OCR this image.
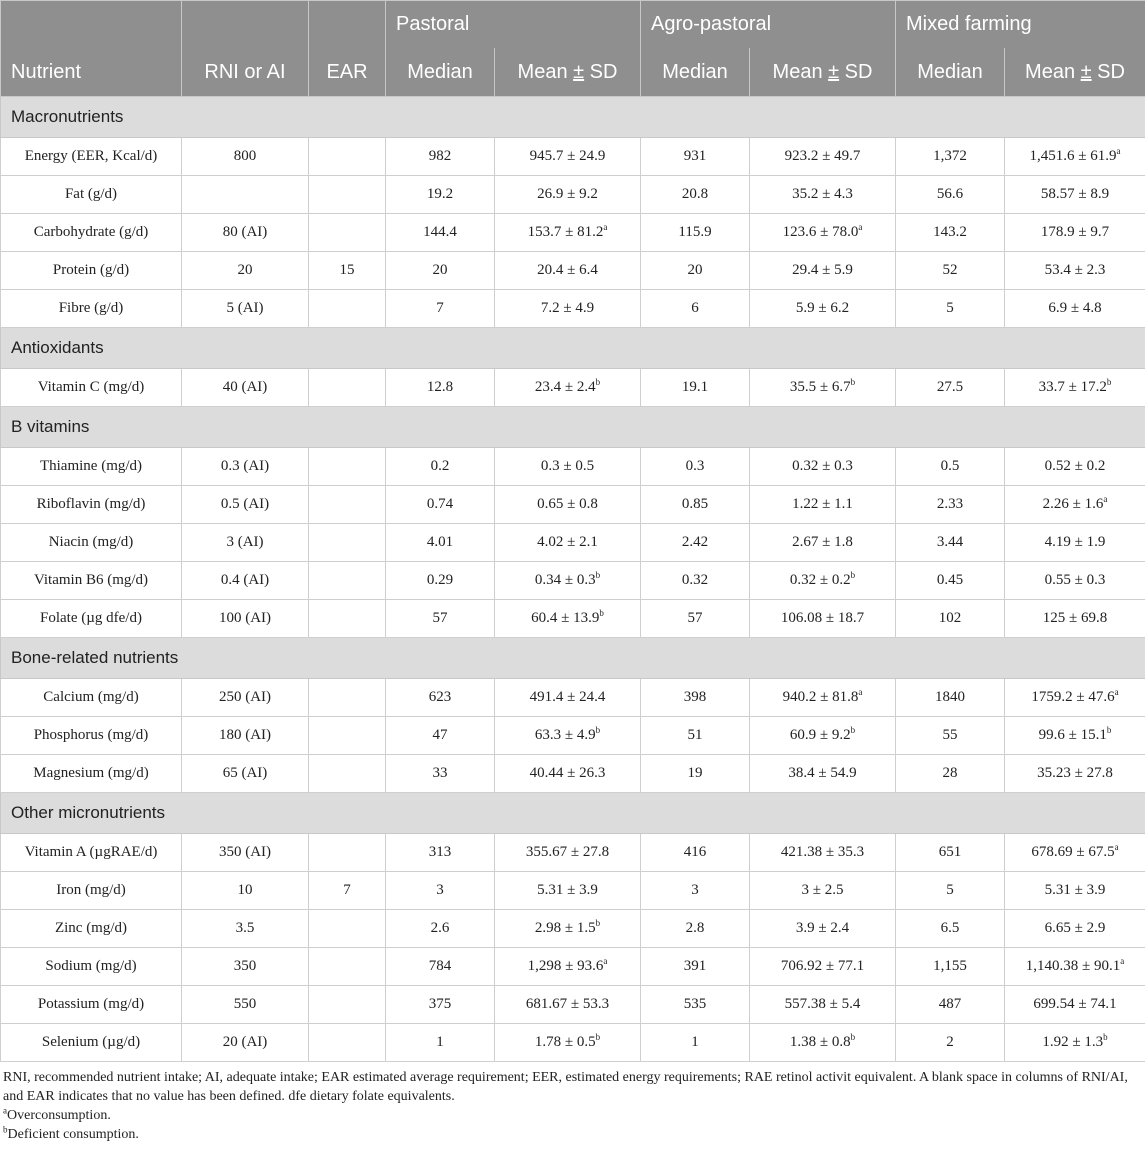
			Pastoral		Agro-pastoral		Mixed farming	
Nutrient	RNI or AI	EAR	Median	Mean ± SD	Median	Mean ± SD	Median	Mean ± SD
Macronutrients								
Energy (EER, Kcal/d)	800		982	945.7 ± 24.9	931	923.2 ± 49.7	1,372	1,451.6 ± 61.9$^a$
Fat (g/d)			19.2	26.9 ± 9.2	20.8	35.2 ± 4.3	56.6	58.57 ± 8.9
Carbohydrate (g/d)	80 (AI)		144.4	153.7 ± 81.2$^a$	115.9	123.6 ± 78.0$^a$	143.2	178.9 ± 9.7
Protein (g/d)	20	15	20	20.4 ± 6.4	20	29.4 ± 5.9	52	53.4 ± 2.3
Fibre (g/d)	5 (AI)		7	7.2 ± 4.9	6	5.9 ± 6.2	5	6.9 ± 4.8
Antioxidants								
Vitamin C (mg/d)	40 (AI)		12.8	23.4 ± 2.4$^b$	19.1	35.5 ± 6.7$^b$	27.5	33.7 ± 17.2$^b$
B vitamins								
Thiamine (mg/d)	0.3 (AI)		0.2	0.3 ± 0.5	0.3	0.32 ± 0.3	0.5	0.52 ± 0.2
Riboflavin (mg/d)	0.5 (AI)		0.74	0.65 ± 0.8	0.85	1.22 ± 1.1	2.33	2.26 ± 1.6$^a$
Niacin (mg/d)	3 (AI)		4.01	4.02 ± 2.1	2.42	2.67 ± 1.8	3.44	4.19 ± 1.9
Vitamin B6 (mg/d)	0.4 (AI)		0.29	0.34 ± 0.3$^b$	0.32	0.32 ± 0.2$^b$	0.45	0.55 ± 0.3
Folate (µg dfe/d)	100 (AI)		57	60.4 ± 13.9$^b$	57	106.08 ± 18.7	102	125 ± 69.8
Bone-related nutrients								
Calcium (mg/d)	250 (AI)		623	491.4 ± 24.4	398	940.2 ± 81.8$^a$	1840	1759.2 ± 47.6$^a$
Phosphorus (mg/d)	180 (AI)		47	63.3 ± 4.9$^b$	51	60.9 ± 9.2$^b$	55	99.6 ± 15.1$^b$
Magnesium (mg/d)	65 (AI)		33	40.44 ± 26.3	19	38.4 ± 54.9	28	35.23 ± 27.8
Other micronutrients								
Vitamin A (µgRAE/d)	350 (AI)		313	355.67 ± 27.8	416	421.38 ± 35.3	651	678.69 ± 67.5$^a$
Iron (mg/d)	10	7	3	5.31 ± 3.9	3	3 ± 2.5	5	5.31 ± 3.9
Zinc (mg/d)	3.5		2.6	2.98 ± 1.5$^b$	2.8	3.9 ± 2.4	6.5	6.65 ± 2.9
Sodium (mg/d)	350		784	1,298 ± 93.6$^a$	391	706.92 ± 77.1	1,155	1,140.38 ± 90.1$^a$
Potassium (mg/d)	550		375	681.67 ± 53.3	535	557.38 ± 5.4	487	699.54 ± 74.1
Selenium (µg/d)	20 (AI)		1	1.78 ± 0.5$^b$	1	1.38 ± 0.8$^b$	2	1.92 ± 1.3$^b$

RNI, recommended nutrient intake; AI, adequate intake; EAR estimated average requirement; EER, estimated energy requirements; RAE retinol activit equivalent. A blank space in columns of RNI/AI, and EAR indicates that no value has been defined. dfe dietary folate equivalents.

$^a$Overconsumption.

$^b$Deficient consumption.
